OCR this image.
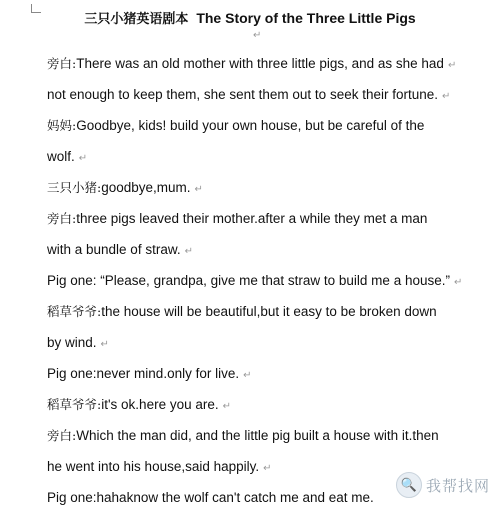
三只小猪英语剧本 The Story of the Three Little Pigs
↵
旁白:There was an old mother with three little pigs, and as she had ↵
not enough to keep them, she sent them out to seek their fortune. ↵
妈妈:Goodbye, kids! build your own house, but be careful of the
wolf. ↵
三只小猪:goodbye,mum. ↵
旁白:three pigs leaved their mother.after a while they met a man
with a bundle of straw. ↵
Pig one: “Please, grandpa, give me that straw to build me a house.” ↵
稻草爷爷:the house will be beautiful,but it easy to be broken down
by wind. ↵
Pig one:never mind.only for live. ↵
稻草爷爷:it's ok.here you are. ↵
旁白:Which the man did, and the little pig built a house with it.then
he went into his house,said happily. ↵
Pig one:hahaknow the wolf can't catch me and eat me.
🔍 我帮找网
